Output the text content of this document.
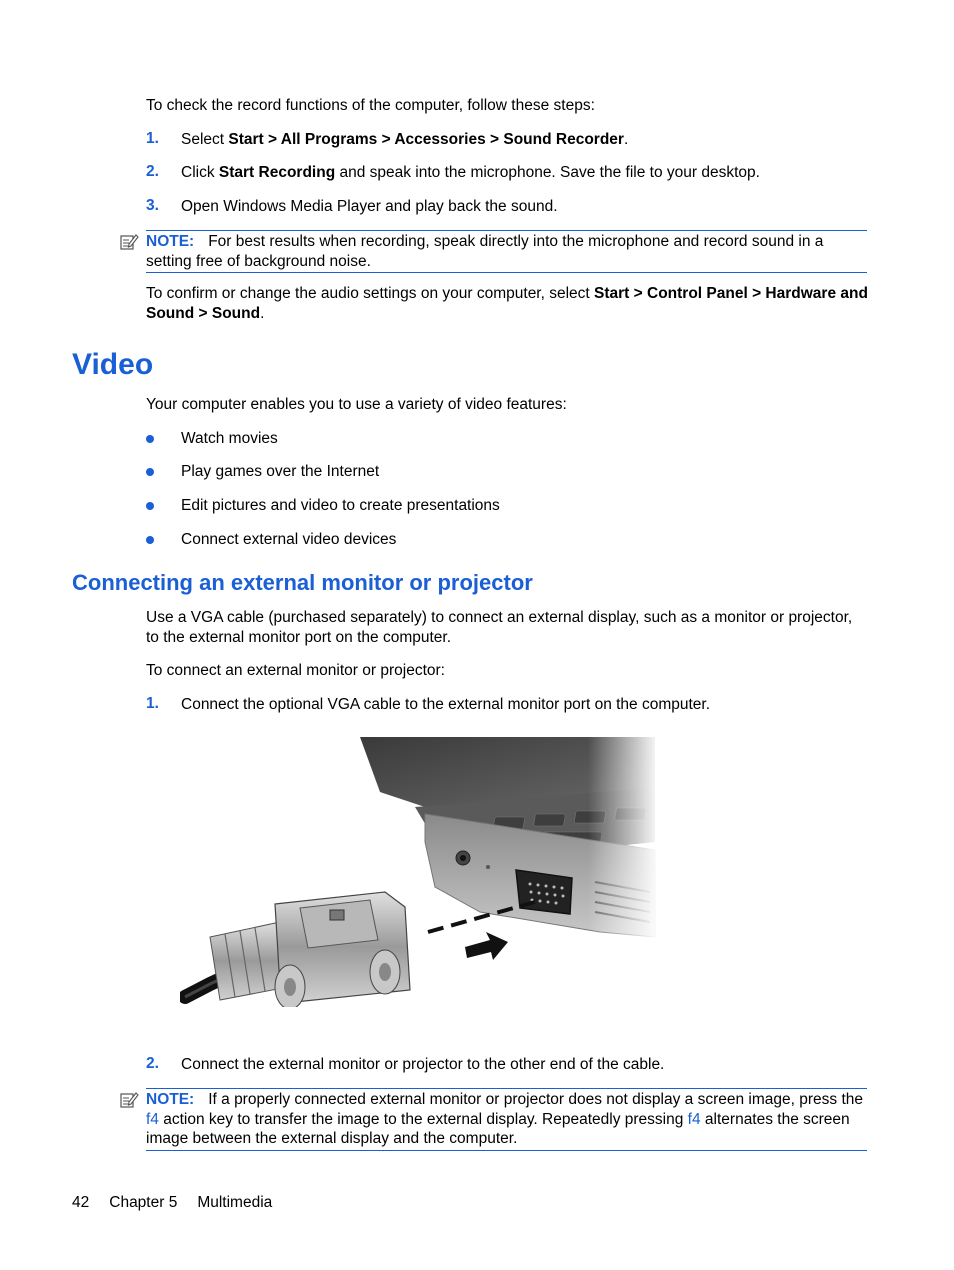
To check the record functions of the computer, follow these steps:
1. Select Start > All Programs > Accessories > Sound Recorder.
2. Click Start Recording and speak into the microphone. Save the file to your desktop.
3. Open Windows Media Player and play back the sound.
NOTE: For best results when recording, speak directly into the microphone and record sound in a setting free of background noise.
To confirm or change the audio settings on your computer, select Start > Control Panel > Hardware and Sound > Sound.
Video
Your computer enables you to use a variety of video features:
Watch movies
Play games over the Internet
Edit pictures and video to create presentations
Connect external video devices
Connecting an external monitor or projector
Use a VGA cable (purchased separately) to connect an external display, such as a monitor or projector, to the external monitor port on the computer.
To connect an external monitor or projector:
1. Connect the optional VGA cable to the external monitor port on the computer.
2. Connect the external monitor or projector to the other end of the cable.
NOTE: If a properly connected external monitor or projector does not display a screen image, press the f4 action key to transfer the image to the external display. Repeatedly pressing f4 alternates the screen image between the external display and the computer.
42 Chapter 5 Multimedia
